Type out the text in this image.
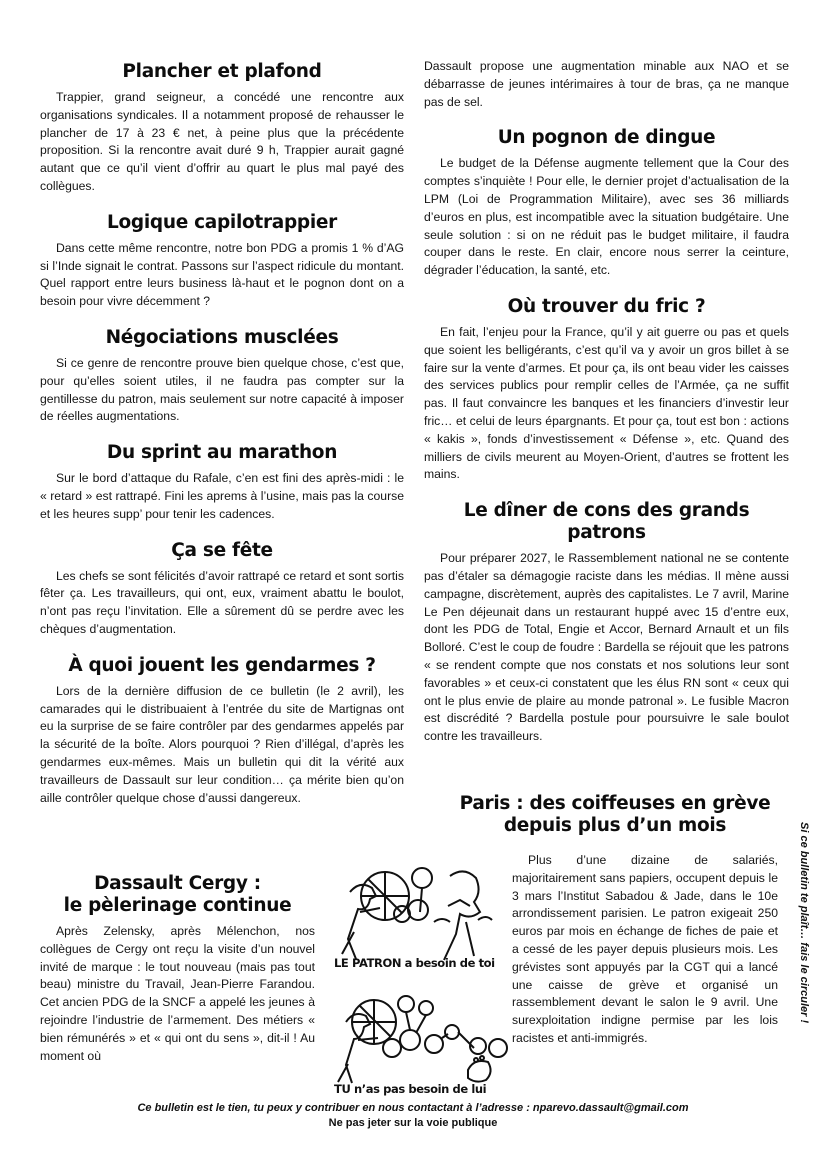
Plancher et plafond

Trappier, grand seigneur, a concédé une rencontre aux organisations syndicales. Il a notamment proposé de rehausser le plancher de 17 à 23 € net, à peine plus que la précédente proposition. Si la rencontre avait duré 9 h, Trappier aurait gagné autant que ce qu’il vient d’offrir au quart le plus mal payé des collègues.

Logique capilotrappier

Dans cette même rencontre, notre bon PDG a promis 1 % d’AG si l’Inde signait le contrat. Passons sur l’aspect ridicule du montant. Quel rapport entre leurs business là-haut et le pognon dont on a besoin pour vivre décemment ?

Négociations musclées

Si ce genre de rencontre prouve bien quelque chose, c’est que, pour qu’elles soient utiles, il ne faudra pas compter sur la gentillesse du patron, mais seulement sur notre capacité à imposer de réelles augmentations.

Du sprint au marathon

Sur le bord d’attaque du Rafale, c’en est fini des après-midi : le « retard » est rattrapé. Fini les aprems à l’usine, mais pas la course et les heures supp’ pour tenir les cadences.

Ça se fête

Les chefs se sont félicités d’avoir rattrapé ce retard et sont sortis fêter ça. Les travailleurs, qui ont, eux, vraiment abattu le boulot, n’ont pas reçu l’invitation. Elle a sûrement dû se perdre avec les chèques d’augmentation.

À quoi jouent les gendarmes ?

Lors de la dernière diffusion de ce bulletin (le 2 avril), les camarades qui le distribuaient à l’entrée du site de Martignas ont eu la surprise de se faire contrôler par des gendarmes appelés par la sécurité de la boîte. Alors pourquoi ? Rien d’illégal, d’après les gendarmes eux-mêmes. Mais un bulletin qui dit la vérité aux travailleurs de Dassault sur leur condition… ça mérite bien qu’on aille contrôler quelque chose d’aussi dangereux.

Dassault Cergy :
le pèlerinage continue

Après Zelensky, après Mélenchon, nos collègues de Cergy ont reçu la visite d’un nouvel invité de marque : le tout nouveau (mais pas tout beau) ministre du Travail, Jean-Pierre Farandou. Cet ancien PDG de la SNCF a appelé les jeunes à rejoindre l’industrie de l’armement. Des métiers « bien rémunérés » et « qui ont du sens », dit-il ! Au moment où

LE PATRON a besoin de toi
TU n’as pas besoin de lui

Dassault propose une augmentation minable aux NAO et se débarrasse de jeunes intérimaires à tour de bras, ça ne manque pas de sel.

Un pognon de dingue

Le budget de la Défense augmente tellement que la Cour des comptes s’inquiète ! Pour elle, le dernier projet d’actualisation de la LPM (Loi de Programmation Militaire), avec ses 36 milliards d’euros en plus, est incompatible avec la situation budgétaire. Une seule solution : si on ne réduit pas le budget militaire, il faudra couper dans le reste. En clair, encore nous serrer la ceinture, dégrader l’éducation, la santé, etc.

Où trouver du fric ?

En fait, l’enjeu pour la France, qu’il y ait guerre ou pas et quels que soient les belligérants, c’est qu’il va y avoir un gros billet à se faire sur la vente d’armes. Et pour ça, ils ont beau vider les caisses des services publics pour remplir celles de l’Armée, ça ne suffit pas. Il faut convaincre les banques et les financiers d’investir leur fric… et celui de leurs épargnants. Et pour ça, tout est bon : actions « kakis », fonds d’investissement « Défense », etc. Quand des milliers de civils meurent au Moyen-Orient, d’autres se frottent les mains.

Le dîner de cons des grands patrons

Pour préparer 2027, le Rassemblement national ne se contente pas d’étaler sa démagogie raciste dans les médias. Il mène aussi campagne, discrètement, auprès des capitalistes. Le 7 avril, Marine Le Pen déjeunait dans un restaurant huppé avec 15 d’entre eux, dont les PDG de Total, Engie et Accor, Bernard Arnault et un fils Bolloré. C’est le coup de foudre : Bardella se réjouit que les patrons « se rendent compte que nos constats et nos solutions leur sont favorables » et ceux-ci constatent que les élus RN sont « ceux qui ont le plus envie de plaire au monde patronal ». Le fusible Macron est discrédité ? Bardella postule pour poursuivre le sale boulot contre les travailleurs.

Paris : des coiffeuses en grève
depuis plus d’un mois

Plus d’une dizaine de salariés, majoritairement sans papiers, occupent depuis le 3 mars l’Institut Sabadou & Jade, dans le 10e arrondissement parisien. Le patron exigeait 250 euros par mois en échange de fiches de paie et a cessé de les payer depuis plusieurs mois. Les grévistes sont appuyés par la CGT qui a lancé une caisse de grève et organisé un rassemblement devant le salon le 9 avril. Une surexploitation indigne permise par les lois racistes et anti-immigrés.

Si ce bulletin te plaît… fais le circuler !
Ce bulletin est le tien, tu peux y contribuer en nous contactant à l’adresse : nparevo.dassault@gmail.com
Ne pas jeter sur la voie publique
